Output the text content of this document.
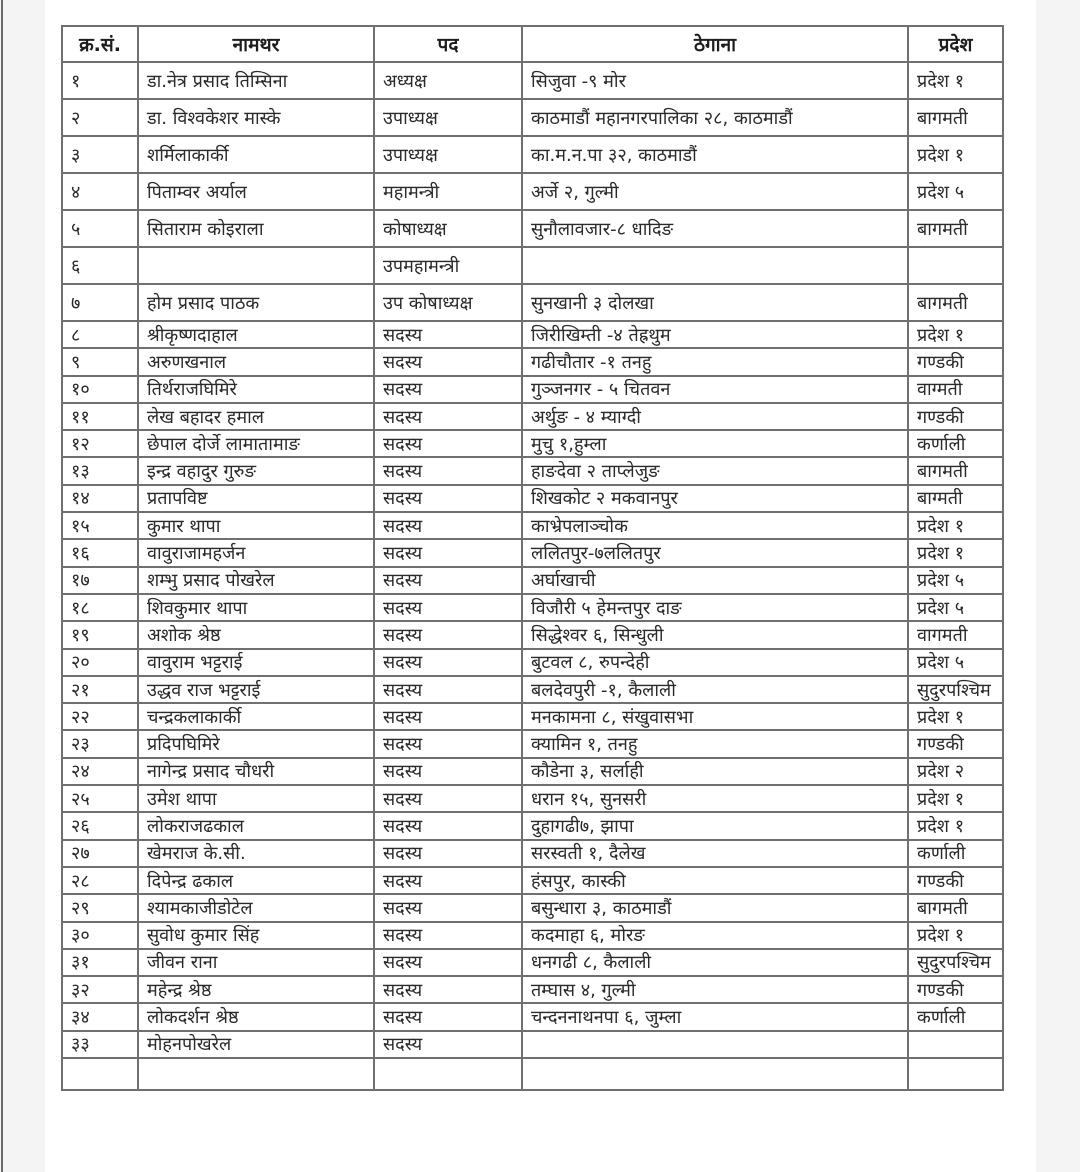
क्र.सं.	नामथर	पद	ठेगाना	प्रदेश
१	डा.नेत्र प्रसाद तिम्सिना	अध्यक्ष	सिजुवा -९ मोर	प्रदेश १
२	डा. विश्वकेशर मास्के	उपाध्यक्ष	काठमाडौं महानगरपालिका २८, काठमाडौं	बागमती
३	शर्मिलाकार्की	उपाध्यक्ष	का.म.न.पा ३२, काठमाडौं	प्रदेश १
४	पिताम्वर अर्याल	महामन्त्री	अर्जे २, गुल्मी	प्रदेश ५
५	सिताराम कोइराला	कोषाध्यक्ष	सुनौलावजार-८ धादिङ	बागमती
६		उपमहामन्त्री		
७	होम प्रसाद पाठक	उप कोषाध्यक्ष	सुनखानी ३ दोलखा	बागमती
८	श्रीकृष्णदाहाल	सदस्य	जिरीखिम्ती -४ तेह्रथुम	प्रदेश १
९	अरुणखनाल	सदस्य	गढीचौतार -१ तनहु	गण्डकी
१०	तिर्थराजघिमिरे	सदस्य	गुञ्जनगर - ५ चितवन	वाग्मती
११	लेख बहादर हमाल	सदस्य	अर्थुङ - ४ म्याग्दी	गण्डकी
१२	छेपाल दोर्जे लामातामाङ	सदस्य	मुचु १,हुम्ला	कर्णाली
१३	इन्द्र वहादुर गुरुङ	सदस्य	हाङदेवा २ ताप्लेजुङ	बागमती
१४	प्रतापविष्ट	सदस्य	शिखकोट २ मकवानपुर	बाग्मती
१५	कुमार थापा	सदस्य	काभ्रेपलाञ्चोक	प्रदेश १
१६	वावुराजामहर्जन	सदस्य	ललितपुर-७ललितपुर	प्रदेश १
१७	शम्भु प्रसाद पोखरेल	सदस्य	अर्घाखाची	प्रदेश ५
१८	शिवकुमार थापा	सदस्य	विजौरी ५ हेमन्तपुर दाङ	प्रदेश ५
१९	अशोक श्रेष्ठ	सदस्य	सिद्धेश्वर ६, सिन्धुली	वागमती
२०	वावुराम भट्टराई	सदस्य	बुटवल ८, रुपन्देही	प्रदेश ५
२१	उद्धव राज भट्टराई	सदस्य	बलदेवपुरी -१, कैलाली	सुदुरपश्चिम
२२	चन्द्रकलाकार्की	सदस्य	मनकामना ८, संखुवासभा	प्रदेश १
२३	प्रदिपघिमिरे	सदस्य	क्यामिन १, तनहु	गण्डकी
२४	नागेन्द्र प्रसाद चौधरी	सदस्य	कौडेना ३, सर्लाही	प्रदेश २
२५	उमेश थापा	सदस्य	धरान १५, सुनसरी	प्रदेश १
२६	लोकराजढकाल	सदस्य	दुहागढी७, झापा	प्रदेश १
२७	खेमराज के.सी.	सदस्य	सरस्वती १, दैलेख	कर्णाली
२८	दिपेन्द्र ढकाल	सदस्य	हंसपुर, कास्की	गण्डकी
२९	श्यामकाजीडोटेल	सदस्य	बसुन्धारा ३, काठमाडौं	बागमती
३०	सुवोध कुमार सिंह	सदस्य	कदमाहा ६, मोरङ	प्रदेश १
३१	जीवन राना	सदस्य	धनगढी ८, कैलाली	सुदुरपश्चिम
३२	महेन्द्र श्रेष्ठ	सदस्य	तम्घास ४, गुल्मी	गण्डकी
३४	लोकदर्शन श्रेष्ठ	सदस्य	चन्दननाथनपा ६, जुम्ला	कर्णाली
३३	मोहनपोखरेल	सदस्य		
